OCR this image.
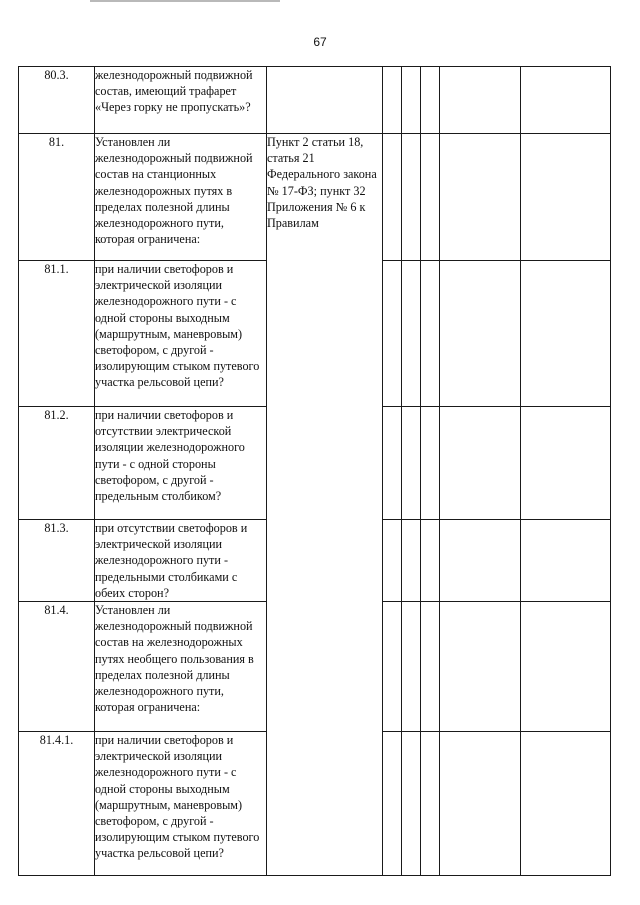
67
80.3.	железнодорожный подвижной состав, имеющий трафарет «Через горку не пропускать»?						
81.	Установлен ли железнодорожный подвижной состав на станционных железнодорожных путях в пределах полезной длины железнодорожного пути, которая ограничена:	Пункт 2 статьи 18, статья 21 Федерального закона № 17-ФЗ; пункт 32 Приложения № 6 к Правилам					
81.1.	при наличии светофоров и электрической изоляции железнодорожного пути - с одной стороны выходным (маршрутным, маневровым) светофором, с другой - изолирующим стыком путевого участка рельсовой цепи?						
81.2.	при наличии светофоров и отсутствии электрической изоляции железнодорожного пути - с одной стороны светофором, с другой - предельным столбиком?						
81.3.	при отсутствии светофоров и электрической изоляции железнодорожного пути - предельными столбиками с обеих сторон?						
81.4.	Установлен ли железнодорожный подвижной состав на железнодорожных путях необщего пользования в пределах полезной длины железнодорожного пути, которая ограничена:						
81.4.1.	при наличии светофоров и электрической изоляции железнодорожного пути - с одной стороны выходным (маршрутным, маневровым) светофором, с другой - изолирующим стыком путевого участка рельсовой цепи?						
